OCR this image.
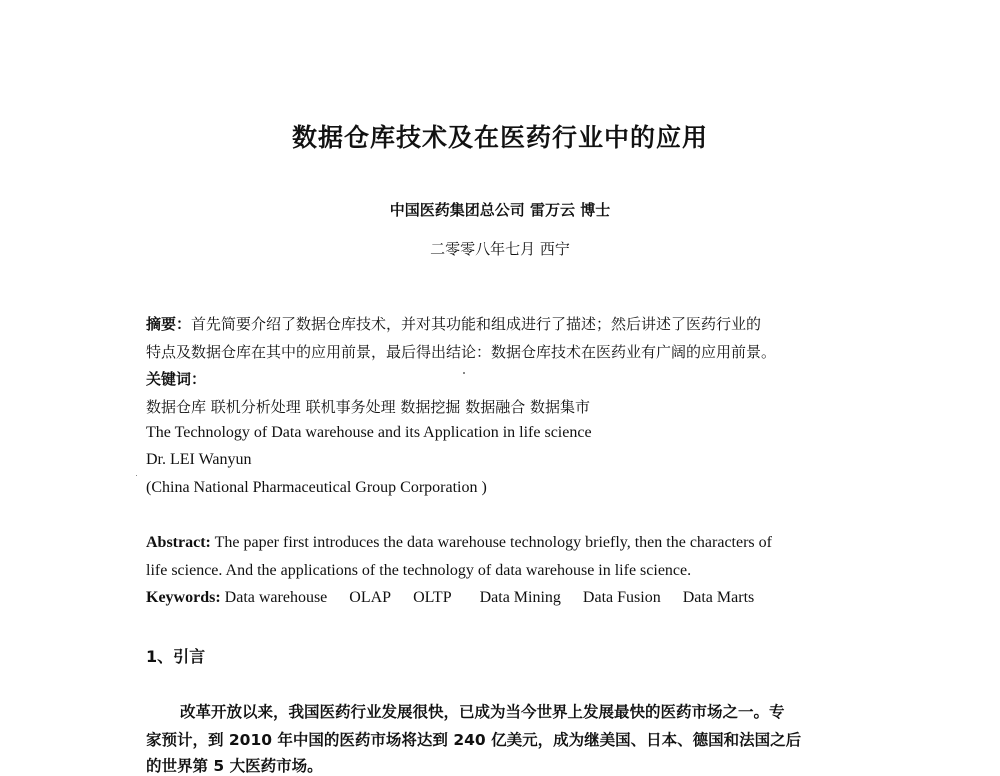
数据仓库技术及在医药行业中的应用
中国医药集团总公司 雷万云 博士
二零零八年七月 西宁
摘要：首先简要介绍了数据仓库技术，并对其功能和组成进行了描述；然后讲述了医药行业的
特点及数据仓库在其中的应用前景，最后得出结论：数据仓库技术在医药业有广阔的应用前景。
关键词：
数据仓库 联机分析处理 联机事务处理 数据挖掘 数据融合 数据集市
The Technology of Data warehouse and its Application in life science
Dr. LEI Wanyun
(China National Pharmaceutical Group Corporation )
Abstract: The paper first introduces the data warehouse technology briefly, then the characters of
life science. And the applications of the technology of data warehouse in life science.
Keywords: Data warehouse OLAP OLTP Data Mining Data Fusion Data Marts
1、引言
改革开放以来，我国医药行业发展很快，已成为当今世界上发展最快的医药市场之一。专
家预计，到 2010 年中国的医药市场将达到 240 亿美元，成为继美国、日本、德国和法国之后
的世界第 5 大医药市场。
